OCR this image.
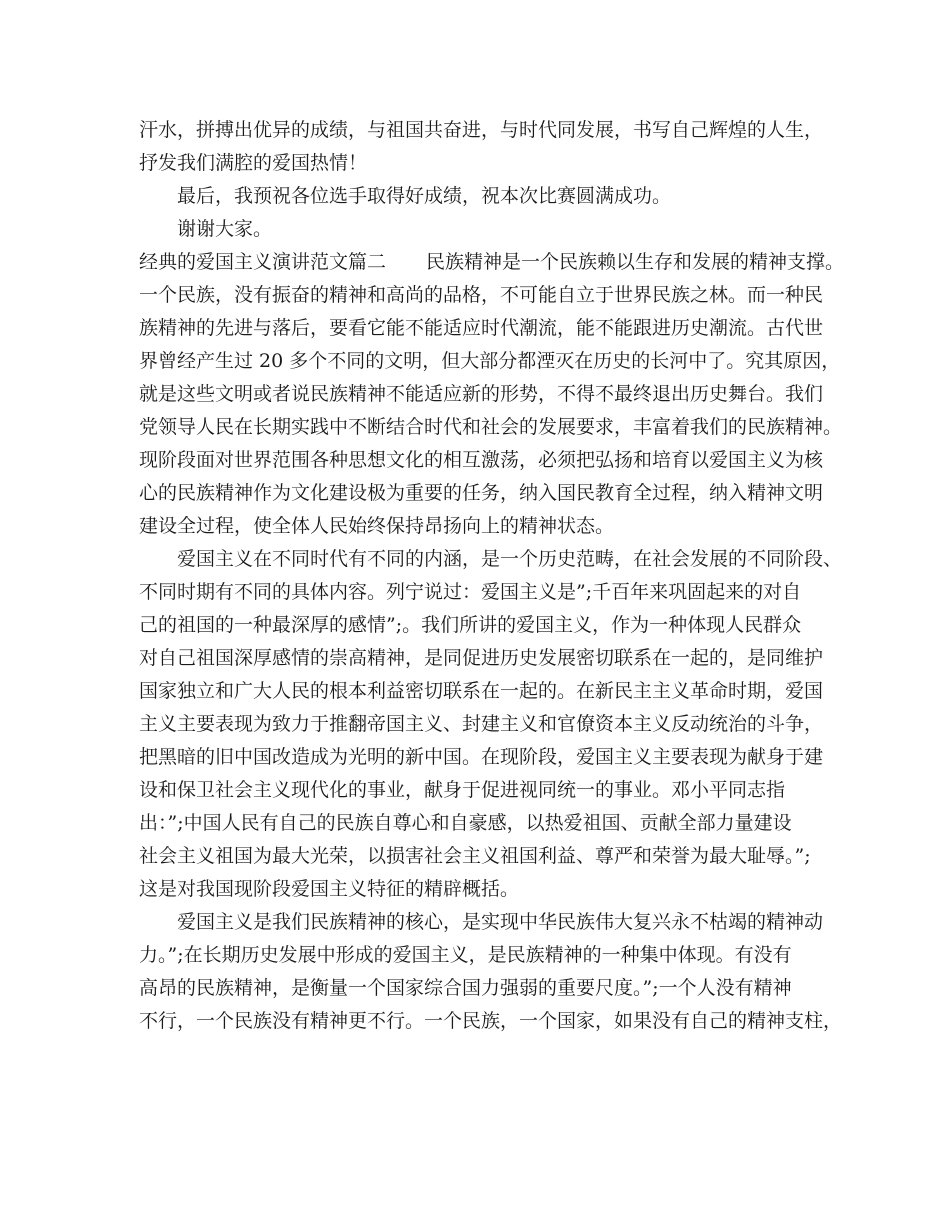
汗水，拼搏出优异的成绩，与祖国共奋进，与时代同发展，书写自己辉煌的人生，
抒发我们满腔的爱国热情！
最后，我预祝各位选手取得好成绩，祝本次比赛圆满成功。
谢谢大家。
经典的爱国主义演讲范文篇二 民族精神是一个民族赖以生存和发展的精神支撑。
一个民族，没有振奋的精神和高尚的品格，不可能自立于世界民族之林。而一种民
族精神的先进与落后，要看它能不能适应时代潮流，能不能跟进历史潮流。古代世
界曾经产生过 20 多个不同的文明，但大部分都湮灭在历史的长河中了。究其原因，
就是这些文明或者说民族精神不能适应新的形势，不得不最终退出历史舞台。我们
党领导人民在长期实践中不断结合时代和社会的发展要求，丰富着我们的民族精神。
现阶段面对世界范围各种思想文化的相互激荡，必须把弘扬和培育以爱国主义为核
心的民族精神作为文化建设极为重要的任务，纳入国民教育全过程，纳入精神文明
建设全过程，使全体人民始终保持昂扬向上的精神状态。
爱国主义在不同时代有不同的内涵，是一个历史范畴，在社会发展的不同阶段、
不同时期有不同的具体内容。列宁说过：爱国主义是”;千百年来巩固起来的对自
己的祖国的一种最深厚的感情”;。我们所讲的爱国主义，作为一种体现人民群众
对自己祖国深厚感情的崇高精神，是同促进历史发展密切联系在一起的，是同维护
国家独立和广大人民的根本利益密切联系在一起的。在新民主主义革命时期，爱国
主义主要表现为致力于推翻帝国主义、封建主义和官僚资本主义反动统治的斗争，
把黑暗的旧中国改造成为光明的新中国。在现阶段，爱国主义主要表现为献身于建
设和保卫社会主义现代化的事业，献身于促进视同统一的事业。邓小平同志指
出：”;中国人民有自己的民族自尊心和自豪感，以热爱祖国、贡献全部力量建设
社会主义祖国为最大光荣，以损害社会主义祖国利益、尊严和荣誉为最大耻辱。”;
这是对我国现阶段爱国主义特征的精辟概括。
爱国主义是我们民族精神的核心，是实现中华民族伟大复兴永不枯竭的精神动
力。”;在长期历史发展中形成的爱国主义，是民族精神的一种集中体现。有没有
高昂的民族精神，是衡量一个国家综合国力强弱的重要尺度。”;一个人没有精神
不行，一个民族没有精神更不行。一个民族，一个国家，如果没有自己的精神支柱，
